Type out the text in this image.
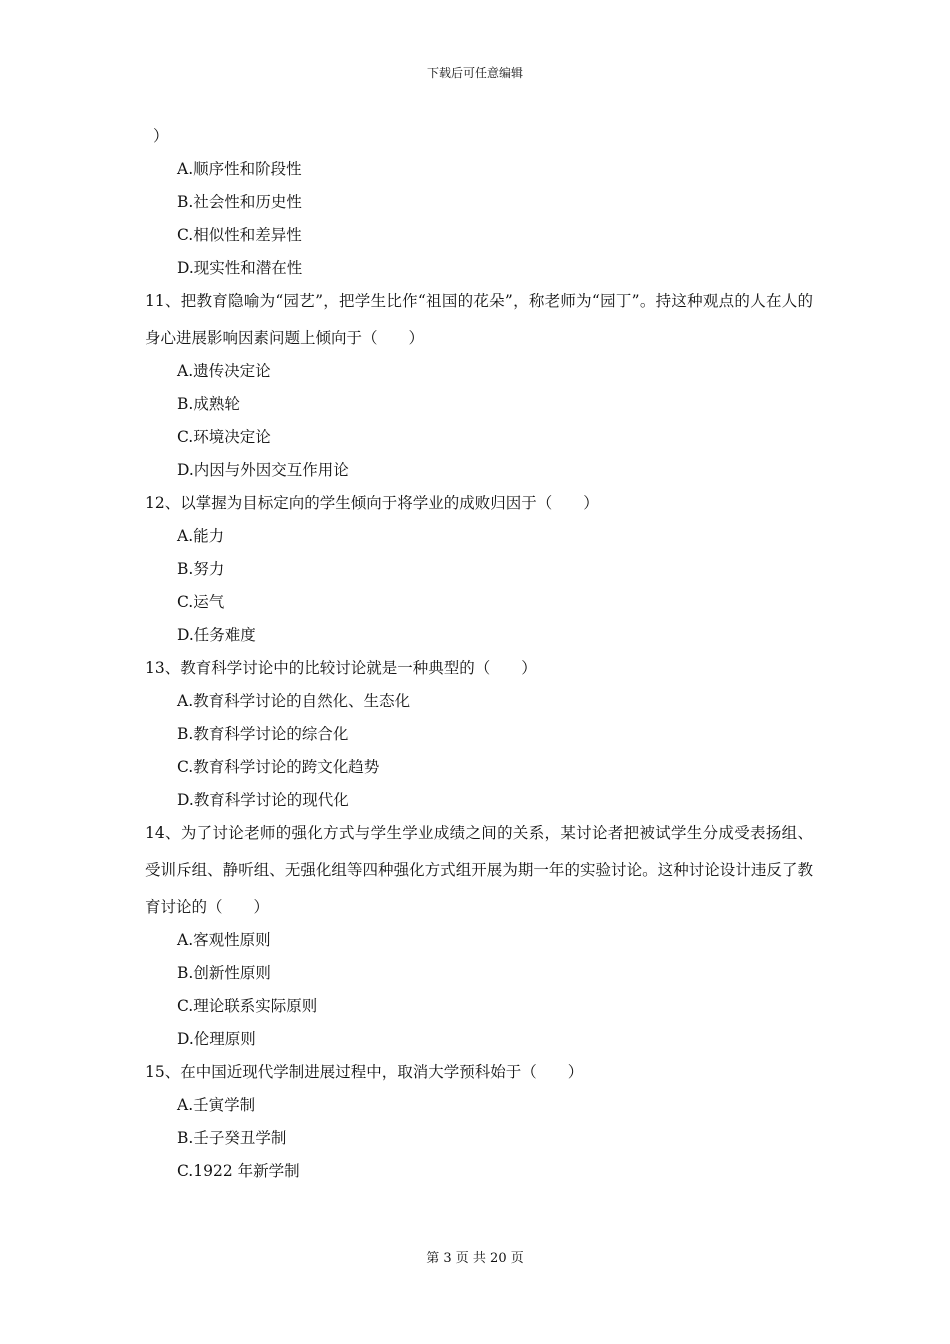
下载后可任意编辑
）
A.顺序性和阶段性
B.社会性和历史性
C.相似性和差异性
D.现实性和潜在性
11、把教育隐喻为“园艺”，把学生比作“祖国的花朵”，称老师为“园丁”。持这种观点的人在人的身心进展影响因素问题上倾向于（　　）
A.遗传决定论
B.成熟轮
C.环境决定论
D.内因与外因交互作用论
12、以掌握为目标定向的学生倾向于将学业的成败归因于（　　）
A.能力
B.努力
C.运气
D.任务难度
13、教育科学讨论中的比较讨论就是一种典型的（　　）
A.教育科学讨论的自然化、生态化
B.教育科学讨论的综合化
C.教育科学讨论的跨文化趋势
D.教育科学讨论的现代化
14、为了讨论老师的强化方式与学生学业成绩之间的关系，某讨论者把被试学生分成受表扬组、受训斥组、静听组、无强化组等四种强化方式组开展为期一年的实验讨论。这种讨论设计违反了教育讨论的（　　）
A.客观性原则
B.创新性原则
C.理论联系实际原则
D.伦理原则
15、在中国近现代学制进展过程中，取消大学预科始于（　　）
A.壬寅学制
B.壬子癸丑学制
C.1922 年新学制
第 3 页 共 20 页
